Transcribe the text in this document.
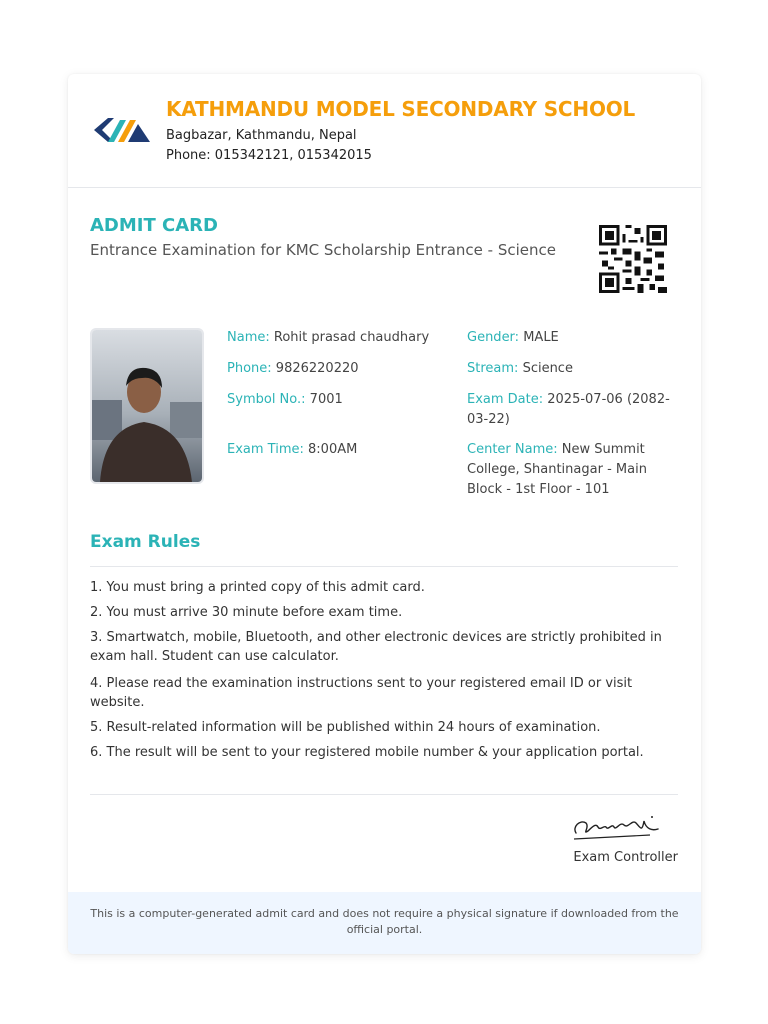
KATHMANDU MODEL SECONDARY SCHOOL
Bagbazar, Kathmandu, Nepal
Phone: 015342121, 015342015
ADMIT CARD
Entrance Examination for KMC Scholarship Entrance - Science
Name: Rohit prasad chaudhary
Phone: 9826220220
Symbol No.: 7001
Exam Time: 8:00AM
Gender: MALE
Stream: Science
Exam Date: 2025-07-06 (2082-03-22)
Center Name: New Summit College, Shantinagar - Main Block - 1st Floor - 101
Exam Rules
1. You must bring a printed copy of this admit card.
2. You must arrive 30 minute before exam time.
3. Smartwatch, mobile, Bluetooth, and other electronic devices are strictly prohibited in exam hall. Student can use calculator.
4. Please read the examination instructions sent to your registered email ID or visit website.
5. Result-related information will be published within 24 hours of examination.
6. The result will be sent to your registered mobile number & your application portal.
Exam Controller
This is a computer-generated admit card and does not require a physical signature if downloaded from the official portal.
